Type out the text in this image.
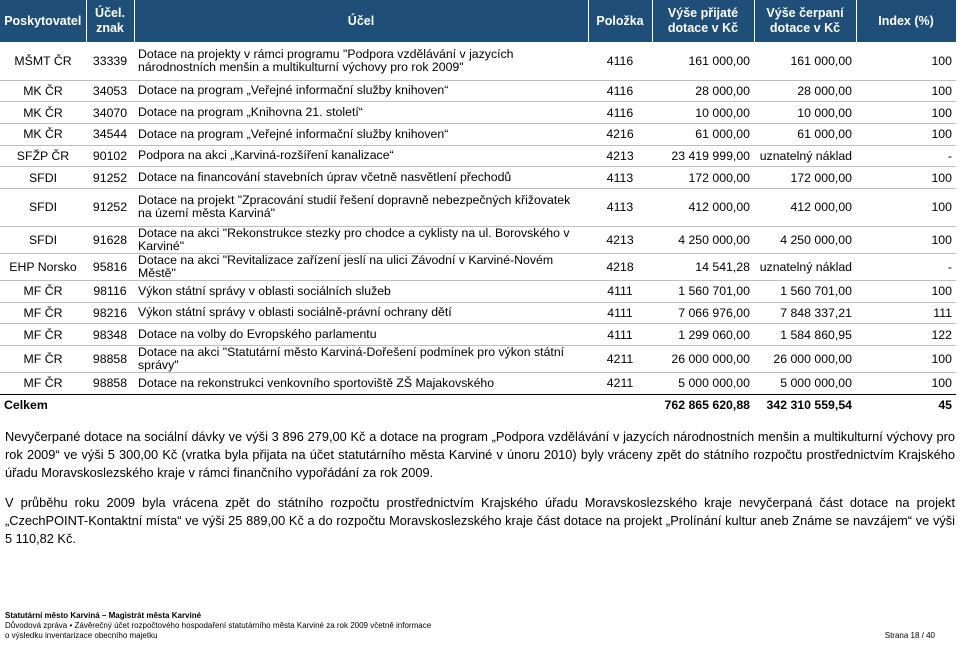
Poskytovatel	Účel. znak	Účel	Položka	Výše přijaté dotace v Kč	Výše čerpaní dotace v Kč	Index (%)
MŠMT ČR	33339	Dotace na projekty v rámci programu "Podpora vzdělávání v jazycích národnostních menšin a multikulturní výchovy pro rok 2009"	4116	161 000,00	161 000,00	100
MK ČR	34053	Dotace na program „Veřejné informační služby knihoven“	4116	28 000,00	28 000,00	100
MK ČR	34070	Dotace na program „Knihovna 21. století“	4116	10 000,00	10 000,00	100
MK ČR	34544	Dotace na program „Veřejné informační služby knihoven“	4216	61 000,00	61 000,00	100
SFŽP ČR	90102	Podpora na akci „Karviná-rozšíření kanalizace“	4213	23 419 999,00	uznatelný náklad	-
SFDI	91252	Dotace na financování stavebních úprav včetně nasvětlení přechodů	4113	172 000,00	172 000,00	100
SFDI	91252	Dotace na projekt "Zpracování studií řešení dopravně nebezpečných křižovatek na území města Karviná"	4113	412 000,00	412 000,00	100
SFDI	91628	Dotace na akci "Rekonstrukce stezky pro chodce a cyklisty na ul. Borovského v Karviné"	4213	4 250 000,00	4 250 000,00	100
EHP Norsko	95816	Dotace na akci "Revitalizace zařízení jeslí na ulici Závodní v Karviné-Novém Městě"	4218	14 541,28	uznatelný náklad	-
MF ČR	98116	Výkon státní správy v oblasti sociálních služeb	4111	1 560 701,00	1 560 701,00	100
MF ČR	98216	Výkon státní správy v oblasti sociálně-právní ochrany dětí	4111	7 066 976,00	7 848 337,21	111
MF ČR	98348	Dotace na volby do Evropského parlamentu	4111	1 299 060,00	1 584 860,95	122
MF ČR	98858	Dotace na akci "Statutární město Karviná-Dořešení podmínek pro výkon státní správy"	4211	26 000 000,00	26 000 000,00	100
MF ČR	98858	Dotace na rekonstrukci venkovního sportoviště ZŠ Majakovského	4211	5 000 000,00	5 000 000,00	100
Celkem				762 865 620,88	342 310 559,54	45
Nevyčerpané dotace na sociální dávky ve výši 3 896 279,00 Kč a dotace na program „Podpora vzdělávání v jazycích národnostních menšin a multikulturní výchovy pro rok 2009“ ve výši 5 300,00 Kč (vratka byla přijata na účet statutárního města Karviné v únoru 2010) byly vráceny zpět do státního rozpočtu prostřednictvím Krajského úřadu Moravskoslezského kraje v rámci finančního vypořádání za rok 2009.
V průběhu roku 2009 byla vrácena zpět do státního rozpočtu prostřednictvím Krajského úřadu Moravskoslezského kraje nevyčerpaná část dotace na projekt „CzechPOINT-Kontaktní místa“ ve výši 25 889,00 Kč a do rozpočtu Moravskoslezského kraje část dotace na projekt „Prolínání kultur aneb Známe se navzájem“ ve výši 5 110,82 Kč.
Statutární město Karviná – Magistrát města Karviné
Důvodová zpráva • Závěrečný účet rozpočtového hospodaření statutárního města Karviné za rok 2009 včetně informace
o výsledku inventarizace obecního majetku	Strana 18 / 40
